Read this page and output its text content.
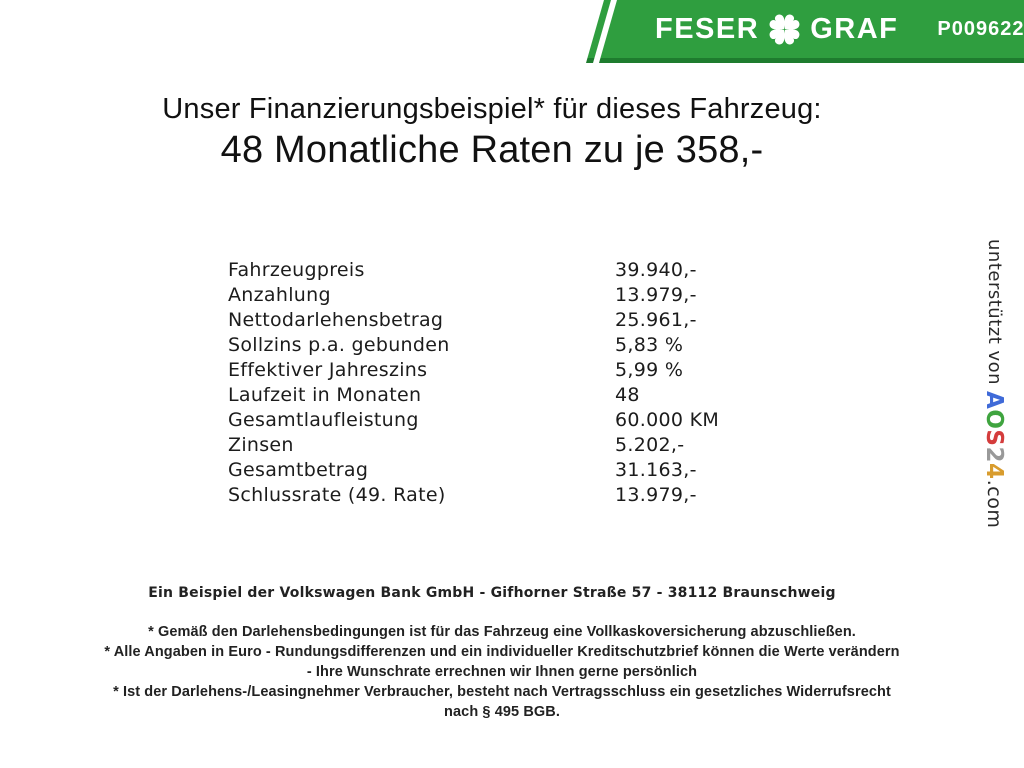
FESER GRAF P009622
Unser Finanzierungsbeispiel* für dieses Fahrzeug:
48 Monatliche Raten zu je 358,-
Fahrzeugpreis	39.940,-
Anzahlung	13.979,-
Nettodarlehensbetrag	25.961,-
Sollzins p.a. gebunden	5,83 %
Effektiver Jahreszins	5,99 %
Laufzeit in Monaten	48
Gesamtlaufleistung	60.000 KM
Zinsen	5.202,-
Gesamtbetrag	31.163,-
Schlussrate (49. Rate)	13.979,-
Ein Beispiel der Volkswagen Bank GmbH - Gifhorner Straße 57 - 38112 Braunschweig
* Gemäß den Darlehensbedingungen ist für das Fahrzeug eine Vollkaskoversicherung abzuschließen.
* Alle Angaben in Euro - Rundungsdifferenzen und ein individueller Kreditschutzbrief können die Werte verändern
- Ihre Wunschrate errechnen wir Ihnen gerne persönlich
* Ist der Darlehens-/Leasingnehmer Verbraucher, besteht nach Vertragsschluss ein gesetzliches Widerrufsrecht
nach § 495 BGB.
unterstützt von AOS24.com
